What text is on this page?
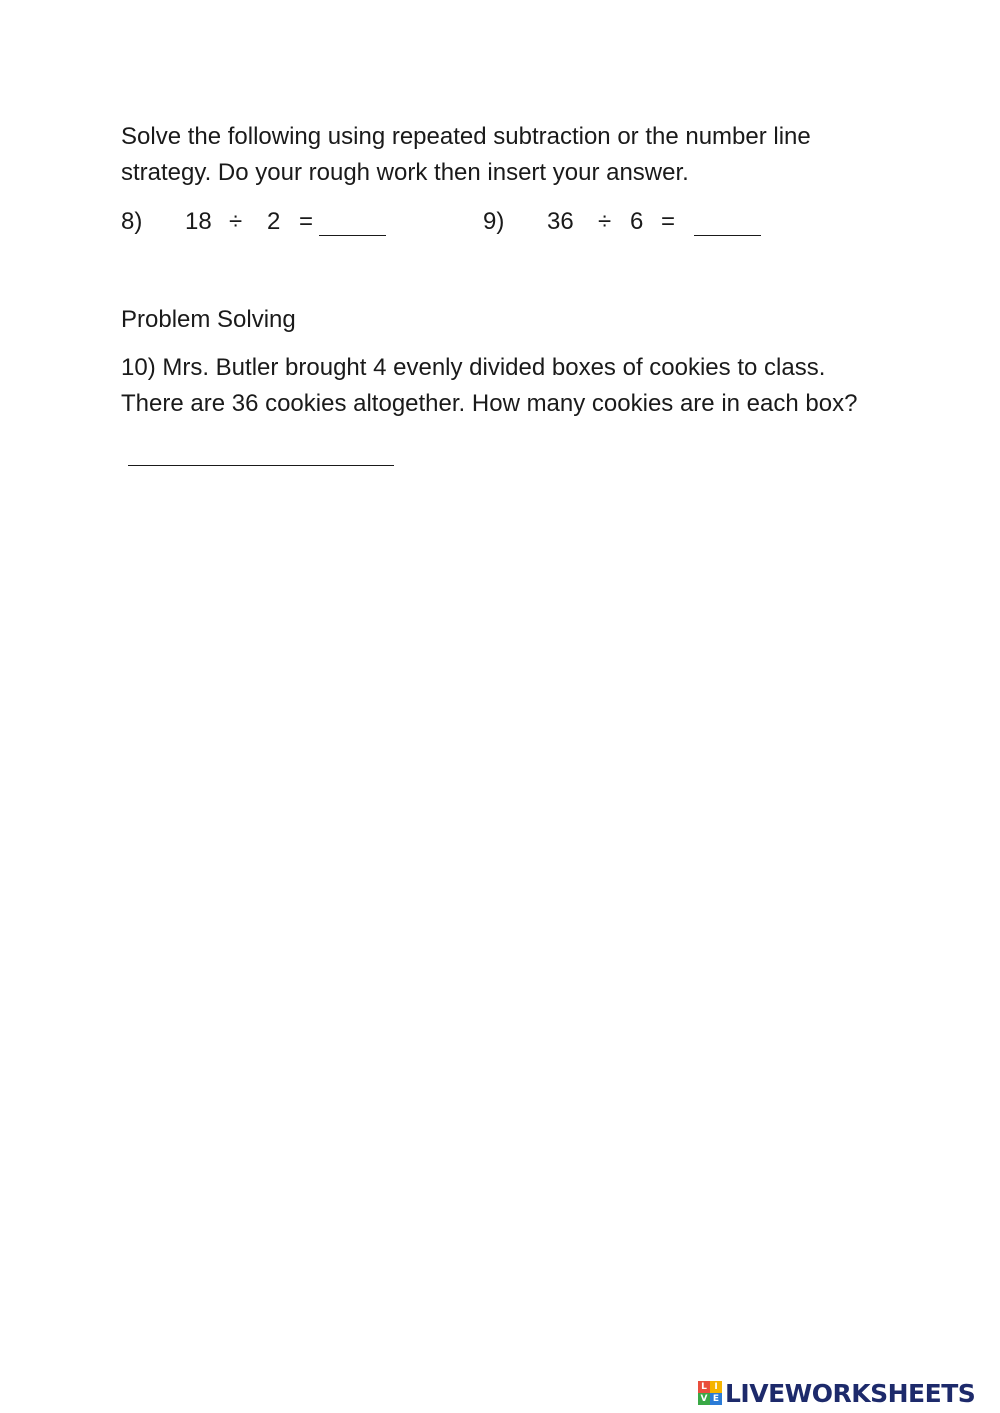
Solve the following using repeated subtraction or the number line
strategy. Do your rough work then insert your answer.
8) 18 ÷ 2 =	9) 36 ÷ 6 =
Problem Solving
10) Mrs. Butler brought 4 evenly divided boxes of cookies to class.
There are 36 cookies altogether. How many cookies are in each box?
L I
V E LIVEWORKSHEETS
